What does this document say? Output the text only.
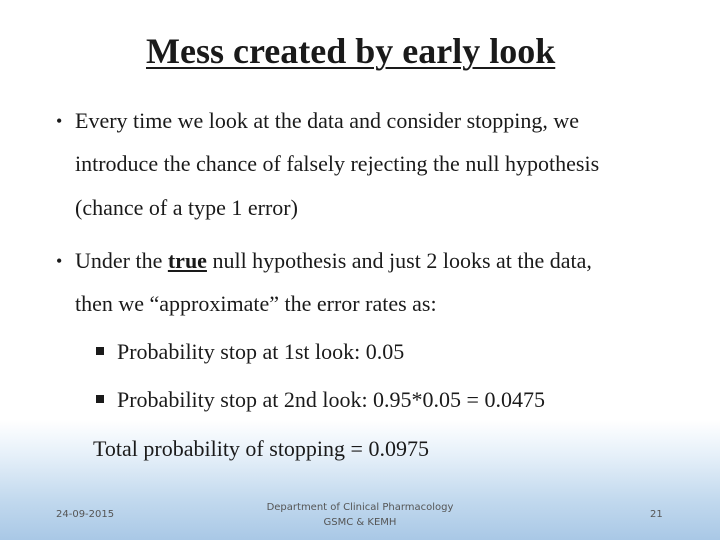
Mess created by early look
• Every time we look at the data and consider stopping, we
introduce the chance of falsely rejecting the null hypothesis
(chance of a type 1 error)
• Under the true null hypothesis and just 2 looks at the data,
then we “approximate” the error rates as:
Probability stop at 1st look: 0.05
Probability stop at 2nd look: 0.95*0.05 = 0.0475
Total probability of stopping = 0.0975
24-09-2015
Department of Clinical Pharmacology
GSMC & KEMH
21
